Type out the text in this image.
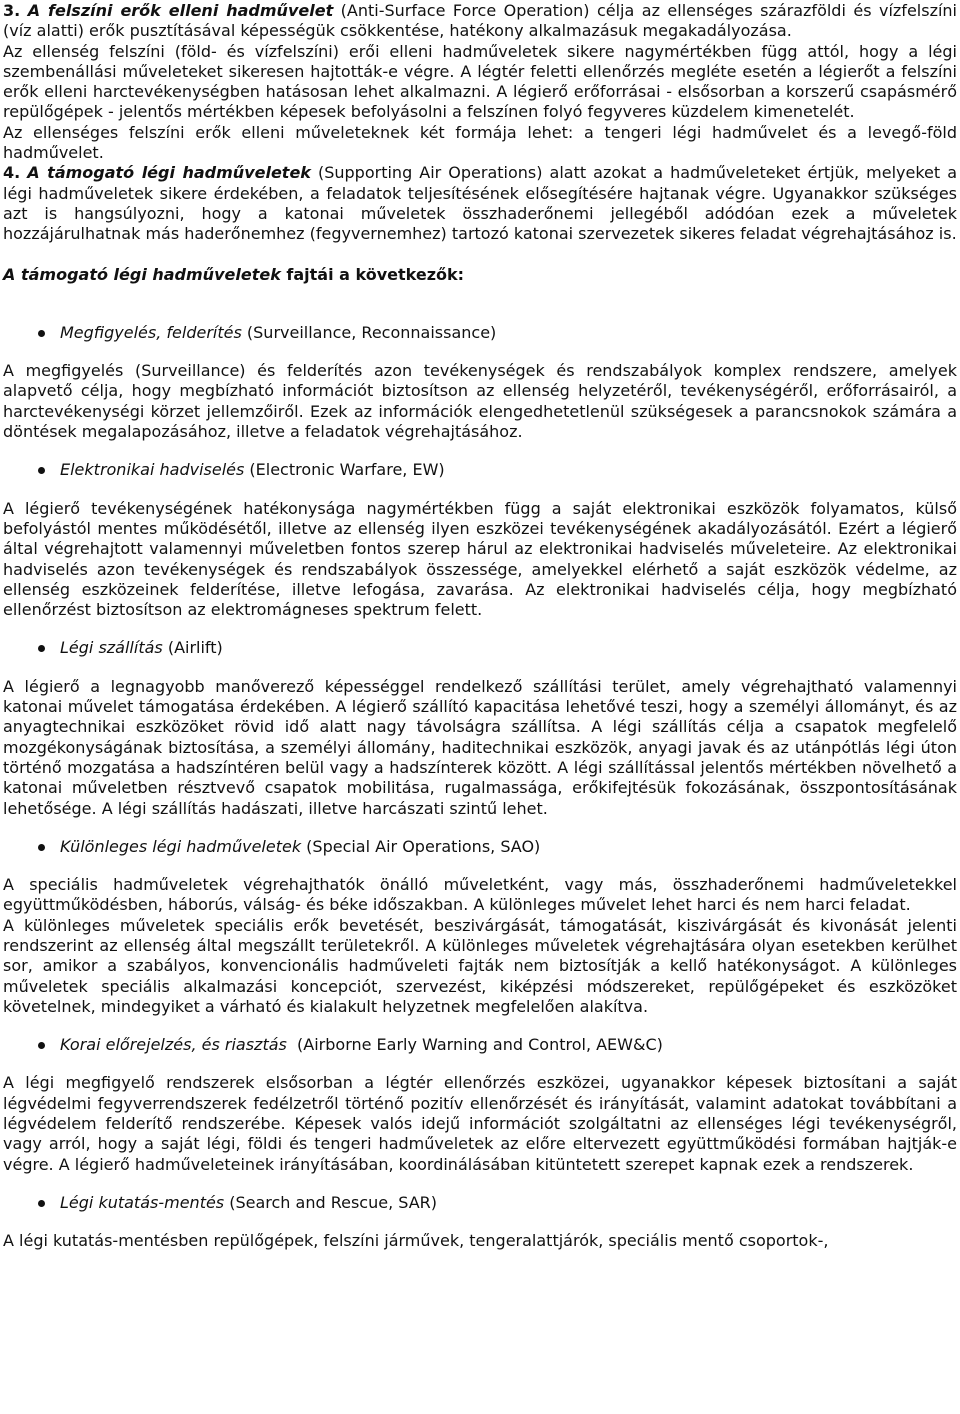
3. A felszíni erők elleni hadművelet (Anti-Surface Force Operation) célja az ellenséges szárazföldi és vízfelszíni (víz alatti) erők pusztításával képességük csökkentése, hatékony alkalmazásuk megakadályozása.

Az ellenség felszíni (föld- és vízfelszíni) erői elleni hadműveletek sikere nagymértékben függ attól, hogy a légi szembenállási műveleteket sikeresen hajtották-e végre. A légtér feletti ellenőrzés megléte esetén a légierőt a felszíni erők elleni harctevékenységben hatásosan lehet alkalmazni. A légierő erőforrásai - elsősorban a korszerű csapásmérő repülőgépek - jelentős mértékben képesek befolyásolni a felszínen folyó fegyveres küzdelem kimenetelét.

Az ellenséges felszíni erők elleni műveleteknek két formája lehet: a tengeri légi hadművelet és a levegő-föld hadművelet.

4. A támogató légi hadműveletek (Supporting Air Operations) alatt azokat a hadműveleteket értjük, melyeket a légi hadműveletek sikere érdekében, a feladatok teljesítésének elősegítésére hajtanak végre. Ugyanakkor szükséges azt is hangsúlyozni, hogy a katonai műveletek összhaderőnemi jellegéből adódóan ezek a műveletek hozzájárulhatnak más haderőnemhez (fegyvernemhez) tartozó katonai szervezetek sikeres feladat végrehajtásához is.

A támogató légi hadműveletek fajtái a következők:

Megfigyelés, felderítés (Surveillance, Reconnaissance)

A megfigyelés (Surveillance) és felderítés azon tevékenységek és rendszabályok komplex rendszere, amelyek alapvető célja, hogy megbízható információt biztosítson az ellenség helyzetéről, tevékenységéről, erőforrásairól, a harctevékenységi körzet jellemzőiről. Ezek az információk elengedhetetlenül szükségesek a parancsnokok számára a döntések megalapozásához, illetve a feladatok végrehajtásához.

Elektronikai hadviselés (Electronic Warfare, EW)

A légierő tevékenységének hatékonysága nagymértékben függ a saját elektronikai eszközök folyamatos, külső befolyástól mentes működésétől, illetve az ellenség ilyen eszközei tevékenységének akadályozásától. Ezért a légierő által végrehajtott valamennyi műveletben fontos szerep hárul az elektronikai hadviselés műveleteire. Az elektronikai hadviselés azon tevékenységek és rendszabályok összessége, amelyekkel elérhető a saját eszközök védelme, az ellenség eszközeinek felderítése, illetve lefogása, zavarása. Az elektronikai hadviselés célja, hogy megbízható ellenőrzést biztosítson az elektromágneses spektrum felett.

Légi szállítás (Airlift)

A légierő a legnagyobb manőverező képességgel rendelkező szállítási terület, amely végrehajtható valamennyi katonai művelet támogatása érdekében. A légierő szállító kapacitása lehetővé teszi, hogy a személyi állományt, és az anyagtechnikai eszközöket rövid idő alatt nagy távolságra szállítsa. A légi szállítás célja a csapatok megfelelő mozgékonyságának biztosítása, a személyi állomány, haditechnikai eszközök, anyagi javak és az utánpótlás légi úton történő mozgatása a hadszíntéren belül vagy a hadszínterek között. A légi szállítással jelentős mértékben növelhető a katonai műveletben résztvevő csapatok mobilitása, rugalmassága, erőkifejtésük fokozásának, összpontosításának lehetősége. A légi szállítás hadászati, illetve harcászati szintű lehet.

Különleges légi hadműveletek (Special Air Operations, SAO)

A speciális hadműveletek végrehajthatók önálló műveletként, vagy más, összhaderőnemi hadműveletekkel együttműködésben, háborús, válság- és béke időszakban. A különleges művelet lehet harci és nem harci feladat.

A különleges műveletek speciális erők bevetését, beszivárgását, támogatását, kiszivárgását és kivonását jelenti rendszerint az ellenség által megszállt területekről. A különleges műveletek végrehajtására olyan esetekben kerülhet sor, amikor a szabályos, konvencionális hadműveleti fajták nem biztosítják a kellő hatékonyságot. A különleges műveletek speciális alkalmazási koncepciót, szervezést, kiképzési módszereket, repülőgépeket és eszközöket követelnek, mindegyiket a várható és kialakult helyzetnek megfelelően alakítva.

Korai előrejelzés, és riasztás  (Airborne Early Warning and Control, AEW&C)

A légi megfigyelő rendszerek elsősorban a légtér ellenőrzés eszközei, ugyanakkor képesek biztosítani a saját légvédelmi fegyverrendszerek fedélzetről történő pozitív ellenőrzését és irányítását, valamint adatokat továbbítani a légvédelem felderítő rendszerébe. Képesek valós idejű információt szolgáltatni az ellenséges légi tevékenységről, vagy arról, hogy a saját légi, földi és tengeri hadműveletek az előre eltervezett együttműködési formában hajtják-e végre. A légierő hadműveleteinek irányításában, koordinálásában kitüntetett szerepet kapnak ezek a rendszerek.

Légi kutatás-mentés (Search and Rescue, SAR)

A légi kutatás-mentésben repülőgépek, felszíni járművek, tengeralattjárók, speciális mentő csoportok-,
